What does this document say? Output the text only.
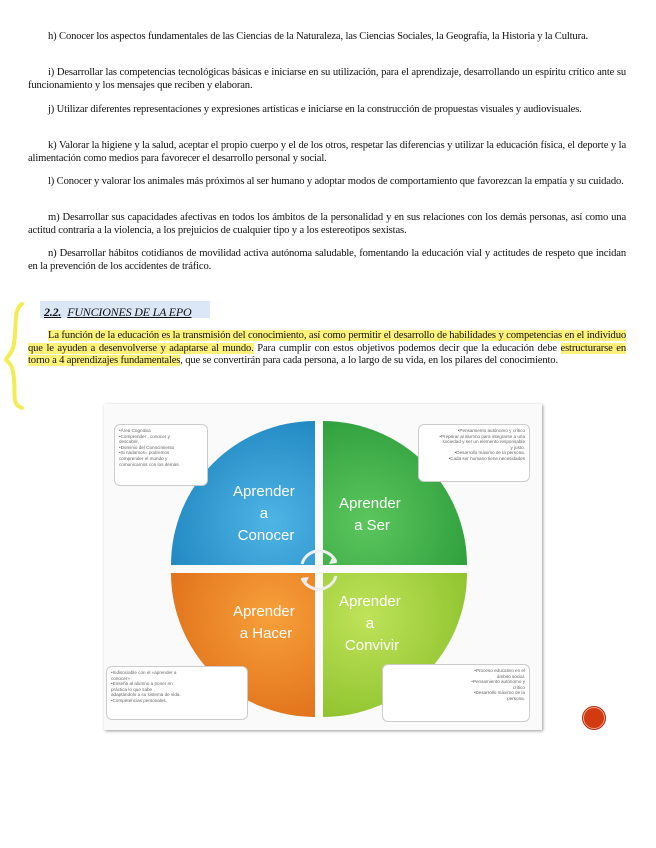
h) Conocer los aspectos fundamentales de las Ciencias de la Naturaleza, las Ciencias Sociales, la Geografía, la Historia y la Cultura.
i) Desarrollar las competencias tecnológicas básicas e iniciarse en su utilización, para el aprendizaje, desarrollando un espíritu crítico ante su funcionamiento y los mensajes que reciben y elaboran.
j) Utilizar diferentes representaciones y expresiones artísticas e iniciarse en la construcción de propuestas visuales y audiovisuales.
k) Valorar la higiene y la salud, aceptar el propio cuerpo y el de los otros, respetar las diferencias y utilizar la educación física, el deporte y la alimentación como medios para favorecer el desarrollo personal y social.
l) Conocer y valorar los animales más próximos al ser humano y adoptar modos de comportamiento que favorezcan la empatía y su cuidado.
m) Desarrollar sus capacidades afectivas en todos los ámbitos de la personalidad y en sus relaciones con los demás personas, así como una actitud contraria a la violencia, a los prejuicios de cualquier tipo y a los estereotipos sexistas.
n) Desarrollar hábitos cotidianos de movilidad activa autónoma saludable, fomentando la educación vial y actitudes de respeto que incidan en la prevención de los accidentes de tráfico.
2.2. FUNCIONES DE LA EPO
La función de la educación es la transmisión del conocimiento, así como permitir el desarrollo de habilidades y competencias en el individuo que le ayuden a desenvolverse y adaptarse al mundo. Para cumplir con estos objetivos podemos decir que la educación debe estructurarse en torno a 4 aprendizajes fundamentales, que se convertirán para cada persona, a lo largo de su vida, en los pilares del conocimiento.
Aprender a Conocer
Aprender a Ser
Aprender a Hacer
Aprender a Convivir
•Área Cognitiva
•Comprender , conocer y
descubrir.
•Dominio del Conocimiento
•Si nadamos= podremos
comprender el mundo y
comunicarnos con los demás.
•Pensamiento autónomo y crítico
•Preparar al alumno para integrarse a una
sociedad y ser un elemento responsable
y justo.
•Desarrollo máximo de la persona.
•Cada ser humano tiene necesidades
•Indisociable con el «aprender a
conocer»
•Enseña al alumno a poner en
práctica lo que sabe ,
adaptándolo a su sistema de vida.
•Competencias personales.
•Proceso educativo en el
ámbito social.
•Pensamiento autónomo y
crítico
•Desarrollo máximo de la
persona.
